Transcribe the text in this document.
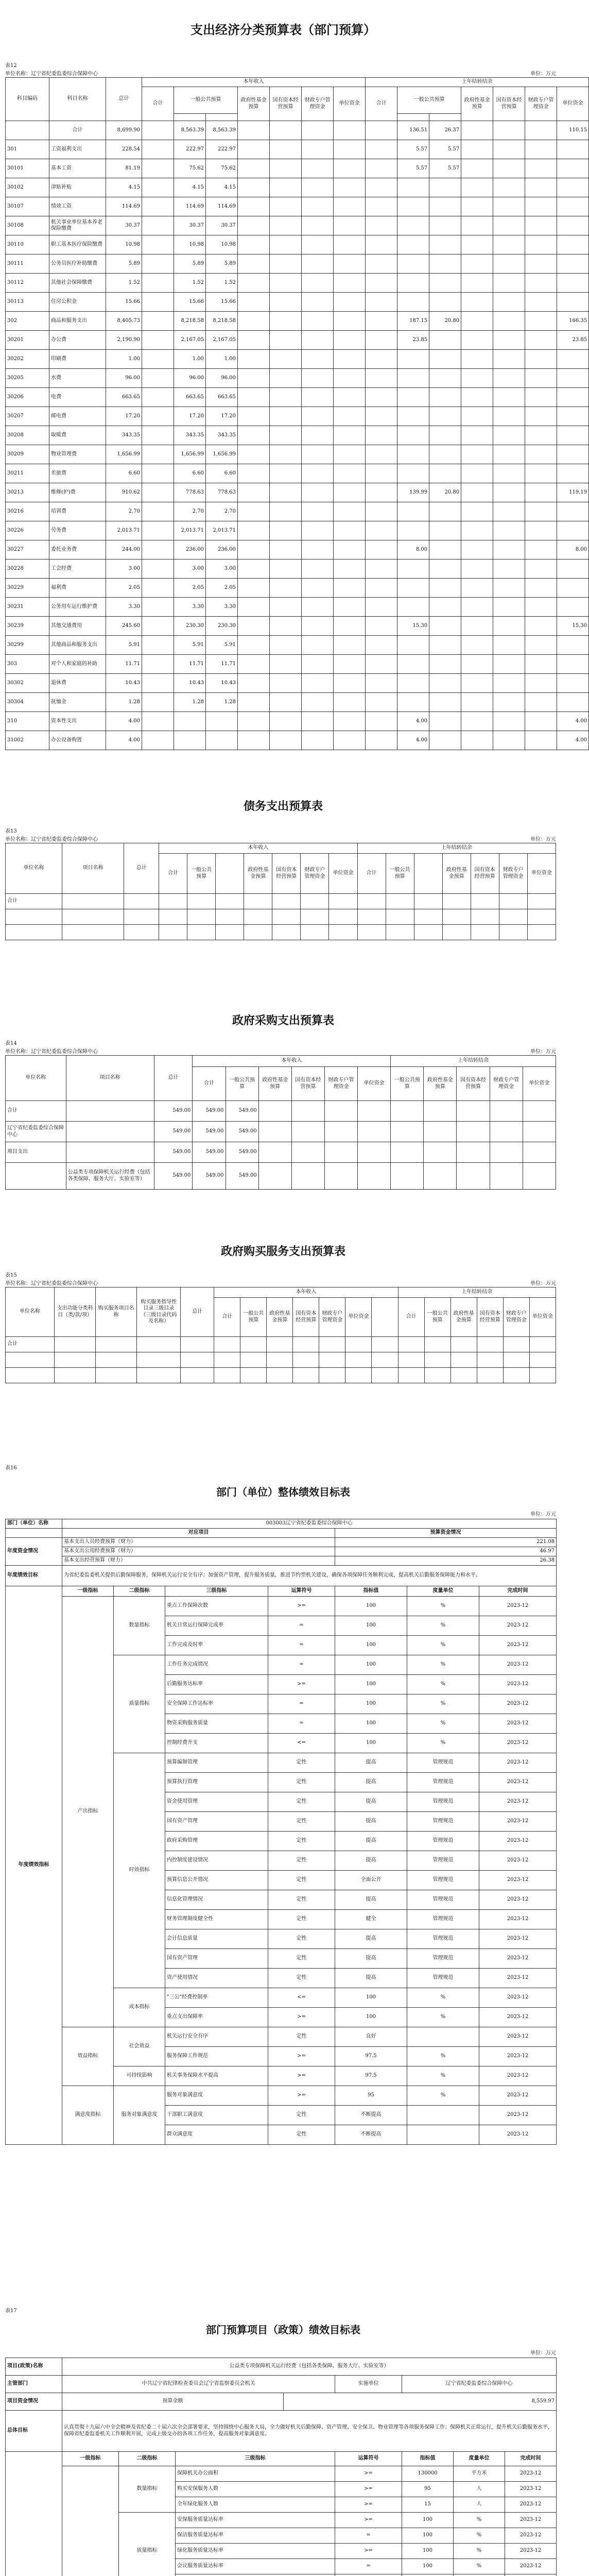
支出经济分类预算表（部门预算）
表12
单位名称：辽宁省纪委监委综合保障中心	单位：万元
科目编码	科目名称	总计	本年收入							上年结转结余						
			合计	一般公共预算		政府性基金预算	国有资本经营预算	财政专户管理资金	单位资金	合计	一般公共预算		政府性基金预算	国有资本经营预算	财政专户管理资金	单位资金

	合计	8,699.90		8,563.39	8,563.39						136.51	26.37				110.15
301	工资福利支出	228.54		222.97	222.97						5.57	5.57				
30101	基本工资	81.19		75.62	75.62						5.57	5.57				
30102	津贴补贴	4.15		4.15	4.15											
30107	绩效工资	114.69		114.69	114.69											
30108	机关事业单位基本养老保险缴费	30.37		30.37	30.37											
30110	职工基本医疗保险缴费	10.98		10.98	10.98											
30111	公务员医疗补助缴费	5.89		5.89	5.89											
30112	其他社会保障缴费	1.52		1.52	1.52											
30113	住房公积金	15.66		15.66	15.66											
302	商品和服务支出	8,405.73		8,218.58	8,218.58						187.15	20.80				166.35
30201	办公费	2,190.90		2,167.05	2,167.05						23.85					23.85
30202	印刷费	1.00		1.00	1.00											
30205	水费	96.00		96.00	96.00											
30206	电费	663.65		663.65	663.65											
30207	邮电费	17.20		17.20	17.20											
30208	取暖费	343.35		343.35	343.35											
30209	物业管理费	1,656.99		1,656.99	1,656.99											
30211	差旅费	6.60		6.60	6.60											
30213	维修(护)费	910.62		778.63	778.63						139.99	20.80				119.19
30216	培训费	2.70		2.70	2.70											
30226	劳务费	2,013.71		2,013.71	2,013.71											
30227	委托业务费	244.00		236.00	236.00						8.00					8.00
30228	工会经费	3.00		3.00	3.00											
30229	福利费	2.05		2.05	2.05											
30231	公务用车运行维护费	3.30		3.30	3.30											
30239	其他交通费用	245.60		230.30	230.30						15.30					15.30
30299	其他商品和服务支出	5.91		5.91	5.91											
303	对个人和家庭的补助	11.71		11.71	11.71											
30302	退休费	10.43		10.43	10.43											
30304	抚恤金	1.28		1.28	1.28											
310	资本性支出	4.00									4.00					4.00
31002	办公设备购置	4.00									4.00					4.00
债务支出预算表
表13
单位名称：辽宁省纪委监委综合保障中心	单位：万元
单位名称	项目名称	总计	本年收入							上年结转结余						
			合计	一般公共预算		政府性基金预算	国有资本经营预算	财政专户管理资金	单位资金	合计	一般公共预算		政府性基金预算	国有资本经营预算	财政专户管理资金	单位资金
合计																

政府采购支出预算表
表14
单位名称：辽宁省纪委监委综合保障中心	单位：万元
单位名称	项目名称	总计	本年收入						上年结转结余				
			合计	一般公共预算	政府性基金预算	国有资本经营预算	财政专户管理资金	单位资金	一般公共预算	政府性基金预算	国有资本经营预算	财政专户管理资金	单位资金
合计		549.00	549.00	549.00									
辽宁省纪委监委综合保障中心		549.00	549.00	549.00									
项目支出		549.00	549.00	549.00									
	公益类专项保障机关运行经费（包括各类保障、服务大厅、实验室等）	549.00	549.00	549.00									
政府购买服务支出预算表
表15
单位名称：辽宁省纪委监委综合保障中心	单位：万元
单位名称	支出功能分类科目（类/款/项）	购买服务项目名称	购买服务指导性目录三级目录（三级目录代码及名称）	总计	本年收入							上年结转结余					
					合计	一般公共预算	政府性基金预算	国有资本经营预算	财政专户管理资金	单位资金		合计	一般公共预算	政府性基金预算	国有资本经营预算	财政专户管理资金	单位资金
合计																	

表16
部门（单位）整体绩效目标表
单位：万元
部门（单位）名称	003003辽宁省纪委监委综合保障中心						
	对应项目				预算资金情况		
年度资金情况	基本支出人员经费预算（财力）				221.08		
	基本支出公用经费预算（财力）				46.97		
	基本支出经营预算（财力）				26.38		
年度绩效目标	为省纪委监委机关提供后勤保障服务，保障机关运行安全有序；加强资产管理，提升服务质量，推进节约型机关建设，确保各项保障任务顺利完成，提高机关后勤服务保障能力和水平。						
年度绩效指标	一级指标	二级指标	三级指标	运算符号	指标值	度量单位	完成时间
	产出指标	数量指标	重点工作保障次数	>=	100	%	2023-12
			机关日常运行保障完成率	=	100	%	2023-12
			工作完成及时率	=	100	%	2023-12
		质量指标	工作任务完成情况	=	100	%	2023-12
			后勤服务达标率	>=	100	%	2023-12
			安全保障工作达标率	=	100	%	2023-12
			物资采购服务质量	=	100	%	2023-12
			控制经费开支	<=	100	%	2023-12
		时效指标	预算编制管理	定性	提高	管理规范	2023-12
			预算执行管理	定性	提高	管理规范	2023-12
			资金使用管理	定性	提高	管理规范	2023-12
			国有资产管理	定性	提高	管理规范	2023-12
			政府采购管理	定性	提高	管理规范	2023-12
			内控制度建设情况	定性	提高	管理规范	2023-12
			预算信息公开情况	定性	全面公开	管理规范	2023-12
			信息化管理情况	定性	提高	管理规范	2023-12
			财务管理制度健全性	定性	健全	管理规范	2023-12
			会计信息质量	定性	提高	管理规范	2023-12
			国有资产管理	定性	提高	管理规范	2023-12
			资产使用情况	定性	提高	管理规范	2023-12
		成本指标	"三公"经费控制率	<=	100	%	2023-12
			重点支出保障率	>=	100	%	2023-12
	效益指标	社会效益	机关运行安全有序	定性	良好		2023-12
			服务保障工作规范	>=	97.5	%	2023-12
		可持续影响	机关事务保障水平提高	>=	97.5	%	2023-12
	满意度指标	服务对象满意度	服务对象满意度	>=	95	%	2023-12
			干部职工满意度	定性	不断提高		2023-12
			群众满意度	定性	不断提高		2023-12
表17
部门预算项目（政策）绩效目标表
单位：万元
项目(政策)名称	公益类专项保障机关运行经费（包括各类保障、服务大厅、实验室等）							
主管部门	中共辽宁省纪律检查委员会辽宁省监察委员会机关				实施单位	辽宁省纪委监委综合保障中心		
项目资金情况	预算金额			8,559.97				
总体目标	认真贯彻十九届六中全会精神及省纪委二十届六次全会部署要求，坚持围绕中心服务大局，全力做好机关后勤保障、资产管理、安全保卫、物业管理等各项服务保障工作；保障机关正常运行，提升机关后勤服务水平，保障省纪委监委机关工作顺利开展，完成上级交办的各项工作任务，提高服务对象满意度。							
	一级指标	二级指标	三级指标		运算符号	指标值	度量单位	完成时间
	数量指标	保障机关办公面积		>=	130000	平方米	2023-12
			购买安保服务人数		>=	95	人	2023-12
			全年绿化服务人数		>=	15	人	2023-12
		质量指标	安保服务质量达标率		>=	100	%	2023-12
			保洁服务质量达标率		=	100	%	2023-12
			绿化服务质量达标率		>=	100	%	2023-12
			会议服务质量达标率		=	100	%	2023-12
